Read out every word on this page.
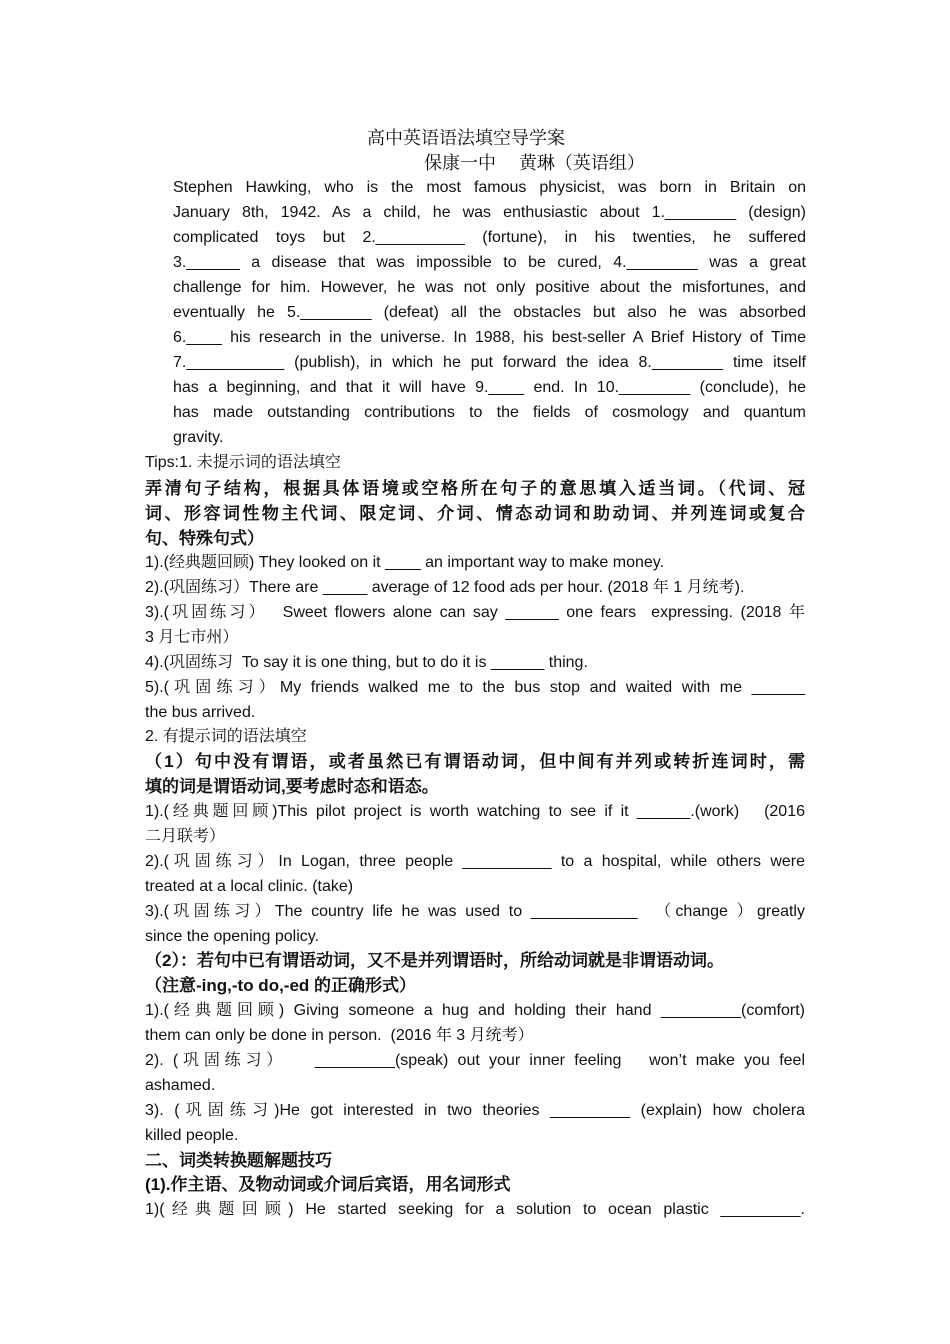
高中英语语法填空导学案
保康一中    黄琳（英语组）
Stephen Hawking, who is the most famous physicist, was born in Britain on
January 8th, 1942. As a child, he was enthusiastic about 1.________ (design)
complicated toys but 2.__________ (fortune), in his twenties, he suffered
3.______ a disease that was impossible to be cured, 4.________ was a great
challenge for him. However, he was not only positive about the misfortunes, and
eventually he 5.________ (defeat) all the obstacles but also he was absorbed
6.____ his research in the universe. In 1988, his best-seller A Brief History of Time
7.___________ (publish), in which he put forward the idea 8.________ time itself
has a beginning, and that it will have 9.____ end. In 10.________ (conclude), he
has made outstanding contributions to the fields of cosmology and quantum
gravity.
Tips:1. 未提示词的语法填空
弄清句子结构，根据具体语境或空格所在句子的意思填入适当词。（代词、冠
词、形容词性物主代词、限定词、介词、情态动词和助动词、并列连词或复合
句、特殊句式）
1).(经典题回顾) They looked on it ____ an important way to make money.
2).(巩固练习）There are _____ average of 12 food ads per hour. (2018 年 1 月统考).
3).(巩固练习）  Sweet flowers alone can say ______ one fears  expressing. (2018 年
3 月七市州）
4).(巩固练习  To say it is one thing, but to do it is ______ thing.
5).(巩固练习）My friends walked me to the bus stop and waited with me ______
the bus arrived.
2. 有提示词的语法填空
（1）句中没有谓语，或者虽然已有谓语动词，但中间有并列或转折连词时，需
填的词是谓语动词,要考虑时态和语态。
1).(经典题回顾)This pilot project is worth watching to see if it ______.(work)   (2016
二月联考）
2).(巩固练习）In Logan, three people __________ to a hospital, while others were
treated at a local clinic. (take)
3).(巩固练习）The country life he was used to ____________  （change ）greatly
since the opening policy.
（2）：若句中已有谓语动词，又不是并列谓语时，所给动词就是非谓语动词。
（注意-ing,-to do,-ed 的正确形式）
1).(经典题回顾) Giving someone a hug and holding their hand _________(comfort)
them can only be done in person.  (2016 年 3 月统考）
2). (巩固练习）   _________(speak) out your inner feeling   won’t make you feel
ashamed.
3). (巩固练习)He got interested in two theories _________ (explain) how cholera
killed people.
二、词类转换题解题技巧
(1).作主语、及物动词或介词后宾语，用名词形式
1)(经典题回顾) He started seeking for a solution to ocean plastic _________.
